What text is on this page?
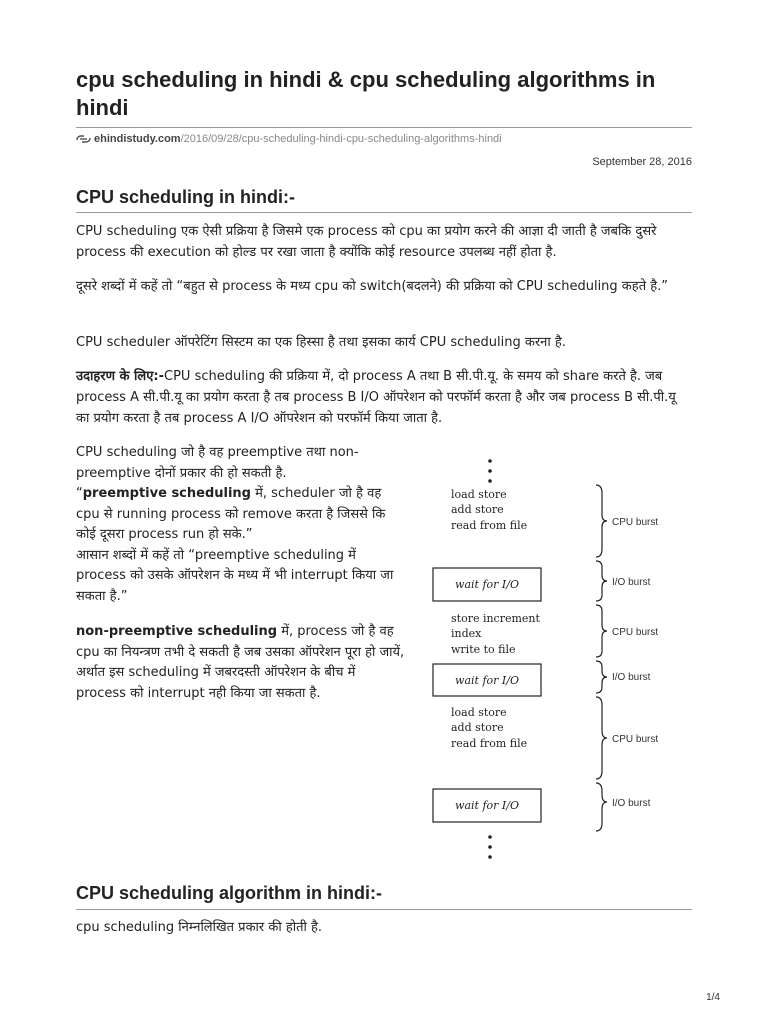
cpu scheduling in hindi & cpu scheduling algorithms in hindi
ehindistudy.com /2016/09/28/cpu-scheduling-hindi-cpu-scheduling-algorithms-hindi
September 28, 2016
CPU scheduling in hindi:-

CPU scheduling एक ऐसी प्रक्रिया है जिसमे एक process को cpu का प्रयोग करने की आज्ञा दी जाती है जबकि दुसरे process की execution को होल्ड पर रखा जाता है क्योंकि कोई resource उपलब्ध नहीं होता है.

दूसरे शब्दों में कहें तो “बहुत से process के मध्य cpu को switch(बदलने) की प्रक्रिया को CPU scheduling कहते है.”

CPU scheduler ऑपरेटिंग सिस्टम का एक हिस्सा है तथा इसका कार्य CPU scheduling करना है.

उदाहरण के लिए:-CPU scheduling की प्रक्रिया में, दो process A तथा B सी.पी.यू. के समय को share करते है. जब process A सी.पी.यू का प्रयोग करता है तब process B I/O ऑपरेशन को परफॉर्म करता है और जब process B सी.पी.यू का प्रयोग करता है तब process A I/O ऑपरेशन को परफॉर्म किया जाता है.

CPU scheduling जो है वह preemptive तथा non-preemptive दोनों प्रकार की हो सकती है.
“preemptive scheduling में, scheduler जो है वह cpu से running process को remove करता है जिससे कि कोई दूसरा process run हो सके.”
आसान शब्दों में कहें तो “preemptive scheduling में process को उसके ऑपरेशन के मध्य में भी interrupt किया जा सकता है.”

non-preemptive scheduling में, process जो है वह cpu का नियन्त्रण तभी दे सकती है जब उसका ऑपरेशन पूरा हो जायें, अर्थात इस scheduling में जबरदस्ती ऑपरेशन के बीच में process को interrupt नही किया जा सकता है.

load store
add store
read from file
wait for I/O
store increment
index
write to file
wait for I/O
load store
add store
read from file
wait for I/O
CPU burst
I/O burst
CPU burst
I/O burst
CPU burst
I/O burst
CPU scheduling algorithm in hindi:-

cpu scheduling निम्नलिखित प्रकार की होती है.

1/4
